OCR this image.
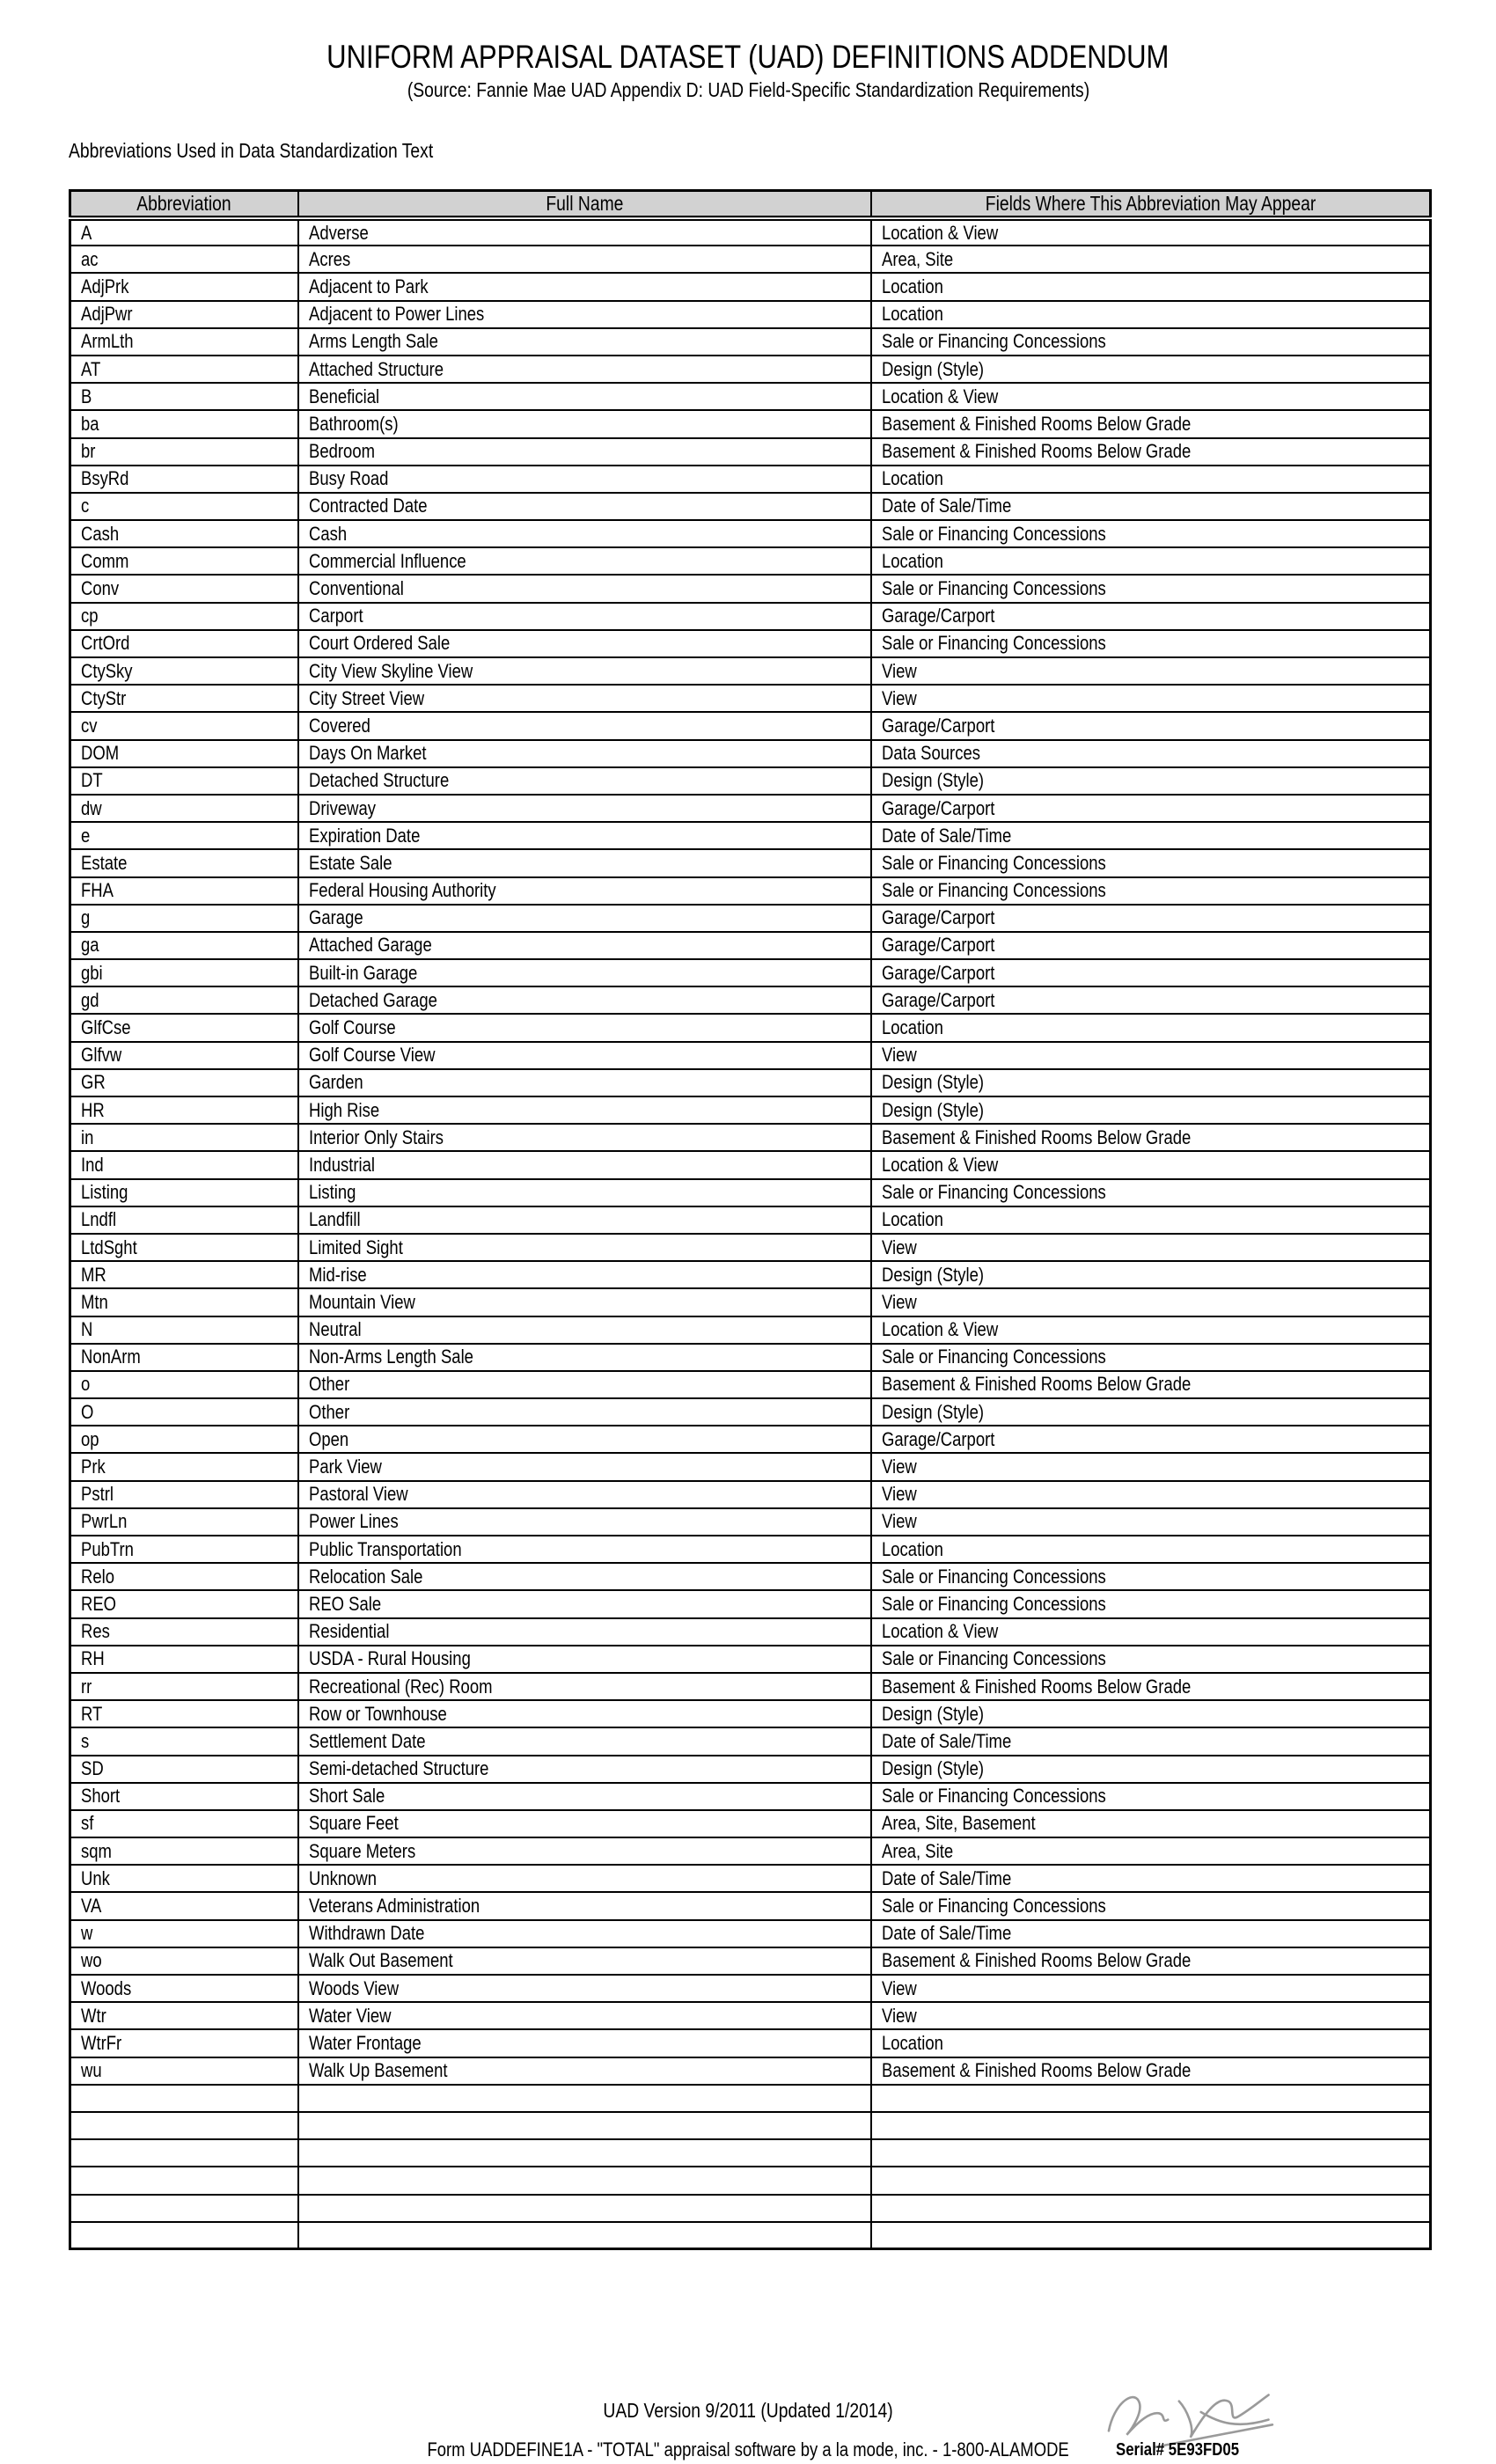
UNIFORM APPRAISAL DATASET (UAD) DEFINITIONS ADDENDUM
(Source: Fannie Mae UAD Appendix D: UAD Field-Specific Standardization Requirements)
Abbreviations Used in Data Standardization Text
Abbreviation	Full Name	Fields Where This Abbreviation May Appear
A	Adverse	Location & View
ac	Acres	Area, Site
AdjPrk	Adjacent to Park	Location
AdjPwr	Adjacent to Power Lines	Location
ArmLth	Arms Length Sale	Sale or Financing Concessions
AT	Attached Structure	Design (Style)
B	Beneficial	Location & View
ba	Bathroom(s)	Basement & Finished Rooms Below Grade
br	Bedroom	Basement & Finished Rooms Below Grade
BsyRd	Busy Road	Location
c	Contracted Date	Date of Sale/Time
Cash	Cash	Sale or Financing Concessions
Comm	Commercial Influence	Location
Conv	Conventional	Sale or Financing Concessions
cp	Carport	Garage/Carport
CrtOrd	Court Ordered Sale	Sale or Financing Concessions
CtySky	City View Skyline View	View
CtyStr	City Street View	View
cv	Covered	Garage/Carport
DOM	Days On Market	Data Sources
DT	Detached Structure	Design (Style)
dw	Driveway	Garage/Carport
e	Expiration Date	Date of Sale/Time
Estate	Estate Sale	Sale or Financing Concessions
FHA	Federal Housing Authority	Sale or Financing Concessions
g	Garage	Garage/Carport
ga	Attached Garage	Garage/Carport
gbi	Built-in Garage	Garage/Carport
gd	Detached Garage	Garage/Carport
GlfCse	Golf Course	Location
Glfvw	Golf Course View	View
GR	Garden	Design (Style)
HR	High Rise	Design (Style)
in	Interior Only Stairs	Basement & Finished Rooms Below Grade
Ind	Industrial	Location & View
Listing	Listing	Sale or Financing Concessions
Lndfl	Landfill	Location
LtdSght	Limited Sight	View
MR	Mid-rise	Design (Style)
Mtn	Mountain View	View
N	Neutral	Location & View
NonArm	Non-Arms Length Sale	Sale or Financing Concessions
o	Other	Basement & Finished Rooms Below Grade
O	Other	Design (Style)
op	Open	Garage/Carport
Prk	Park View	View
Pstrl	Pastoral View	View
PwrLn	Power Lines	View
PubTrn	Public Transportation	Location
Relo	Relocation Sale	Sale or Financing Concessions
REO	REO Sale	Sale or Financing Concessions
Res	Residential	Location & View
RH	USDA - Rural Housing	Sale or Financing Concessions
rr	Recreational (Rec) Room	Basement & Finished Rooms Below Grade
RT	Row or Townhouse	Design (Style)
s	Settlement Date	Date of Sale/Time
SD	Semi-detached Structure	Design (Style)
Short	Short Sale	Sale or Financing Concessions
sf	Square Feet	Area, Site, Basement
sqm	Square Meters	Area, Site
Unk	Unknown	Date of Sale/Time
VA	Veterans Administration	Sale or Financing Concessions
w	Withdrawn Date	Date of Sale/Time
wo	Walk Out Basement	Basement & Finished Rooms Below Grade
Woods	Woods View	View
Wtr	Water View	View
WtrFr	Water Frontage	Location
wu	Walk Up Basement	Basement & Finished Rooms Below Grade

UAD Version 9/2011 (Updated 1/2014)
Form UADDEFINE1A - "TOTAL" appraisal software by a la mode, inc. - 1-800-ALAMODE	Serial# 5E93FD05
